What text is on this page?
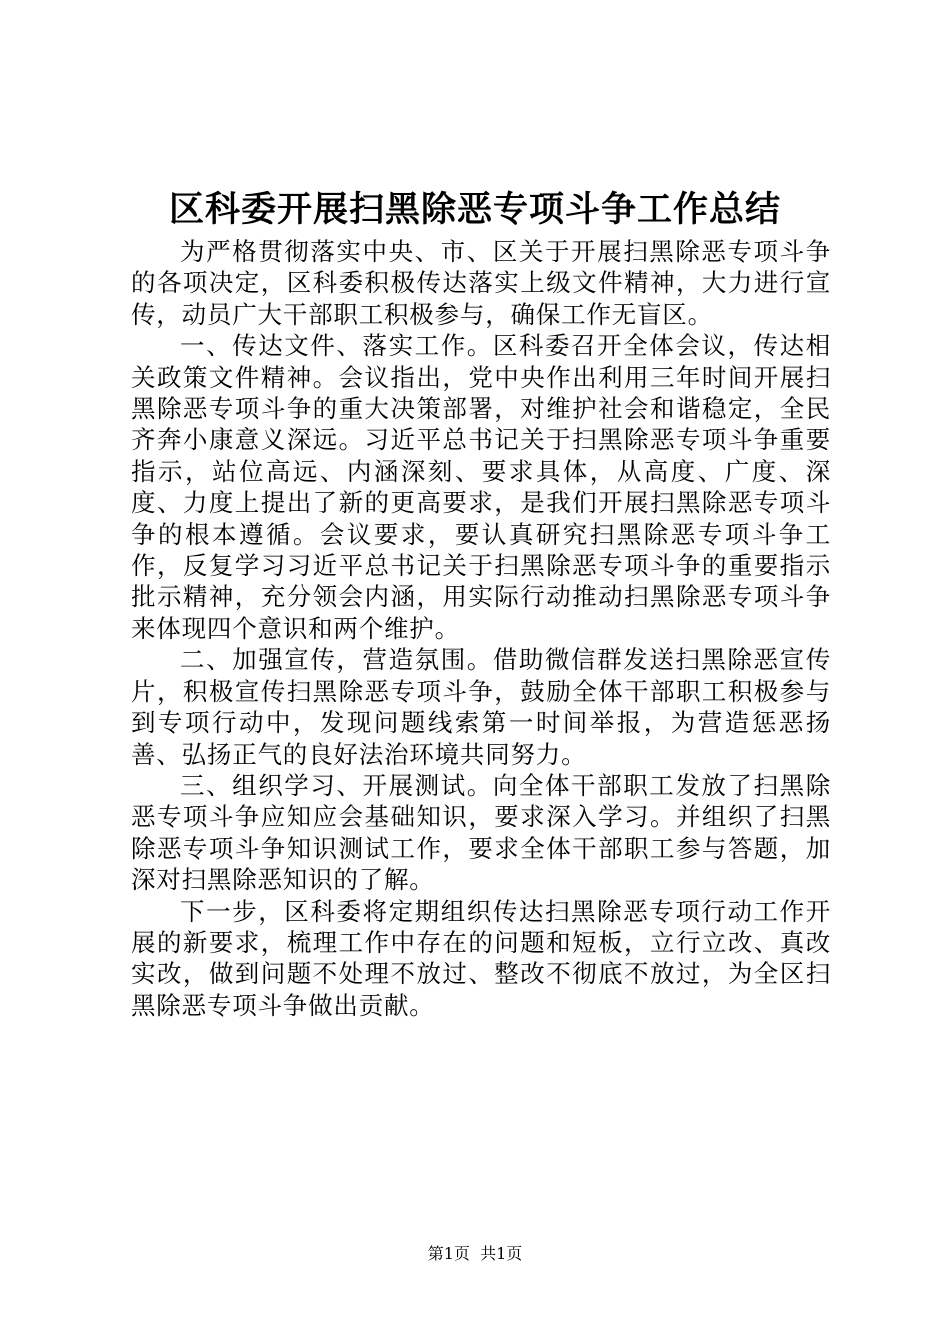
区科委开展扫黑除恶专项斗争工作总结

为严格贯彻落实中央、市、区关于开展扫黑除恶专项斗争的各项决定，区科委积极传达落实上级文件精神，大力进行宣传，动员广大干部职工积极参与，确保工作无盲区。

一、传达文件、落实工作。区科委召开全体会议，传达相关政策文件精神。会议指出，党中央作出利用三年时间开展扫黑除恶专项斗争的重大决策部署，对维护社会和谐稳定，全民齐奔小康意义深远。习近平总书记关于扫黑除恶专项斗争重要指示，站位高远、内涵深刻、要求具体，从高度、广度、深度、力度上提出了新的更高要求，是我们开展扫黑除恶专项斗争的根本遵循。会议要求，要认真研究扫黑除恶专项斗争工作，反复学习习近平总书记关于扫黑除恶专项斗争的重要指示批示精神，充分领会内涵，用实际行动推动扫黑除恶专项斗争来体现四个意识和两个维护。

二、加强宣传，营造氛围。借助微信群发送扫黑除恶宣传片，积极宣传扫黑除恶专项斗争，鼓励全体干部职工积极参与到专项行动中，发现问题线索第一时间举报，为营造惩恶扬善、弘扬正气的良好法治环境共同努力。

三、组织学习、开展测试。向全体干部职工发放了扫黑除恶专项斗争应知应会基础知识，要求深入学习。并组织了扫黑除恶专项斗争知识测试工作，要求全体干部职工参与答题，加深对扫黑除恶知识的了解。

下一步，区科委将定期组织传达扫黑除恶专项行动工作开展的新要求，梳理工作中存在的问题和短板，立行立改、真改实改，做到问题不处理不放过、整改不彻底不放过，为全区扫黑除恶专项斗争做出贡献。

第1页  共1页
